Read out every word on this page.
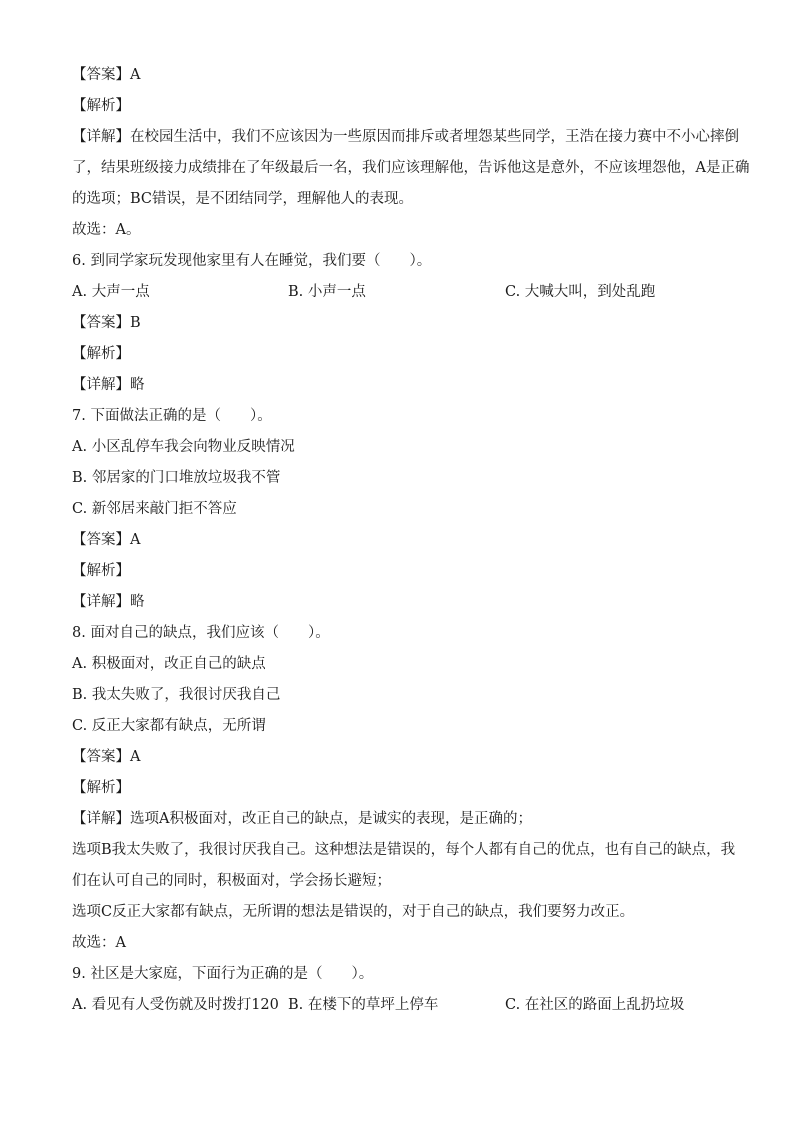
【答案】A
【解析】
【详解】在校园生活中，我们不应该因为一些原因而排斥或者埋怨某些同学，王浩在接力赛中不小心摔倒
了，结果班级接力成绩排在了年级最后一名，我们应该理解他，告诉他这是意外，不应该埋怨他，A是正确
的选项；BC错误，是不团结同学，理解他人的表现。
故选：A。
6. 到同学家玩发现他家里有人在睡觉，我们要（　　）。
A. 大声一点	B. 小声一点	C. 大喊大叫，到处乱跑
【答案】B
【解析】
【详解】略
7. 下面做法正确的是（　　）。
A. 小区乱停车我会向物业反映情况
B. 邻居家的门口堆放垃圾我不管
C. 新邻居来敲门拒不答应
【答案】A
【解析】
【详解】略
8. 面对自己的缺点，我们应该（　　）。
A. 积极面对，改正自己的缺点
B. 我太失败了，我很讨厌我自己
C. 反正大家都有缺点，无所谓
【答案】A
【解析】
【详解】选项A积极面对，改正自己的缺点，是诚实的表现，是正确的；
选项B我太失败了，我很讨厌我自己。这种想法是错误的，每个人都有自己的优点，也有自己的缺点，我
们在认可自己的同时，积极面对，学会扬长避短；
选项C反正大家都有缺点，无所谓的想法是错误的，对于自己的缺点，我们要努力改正。
故选：A
9. 社区是大家庭，下面行为正确的是（　　）。
A. 看见有人受伤就及时拨打120 B. 在楼下的草坪上停车	C. 在社区的路面上乱扔垃圾
